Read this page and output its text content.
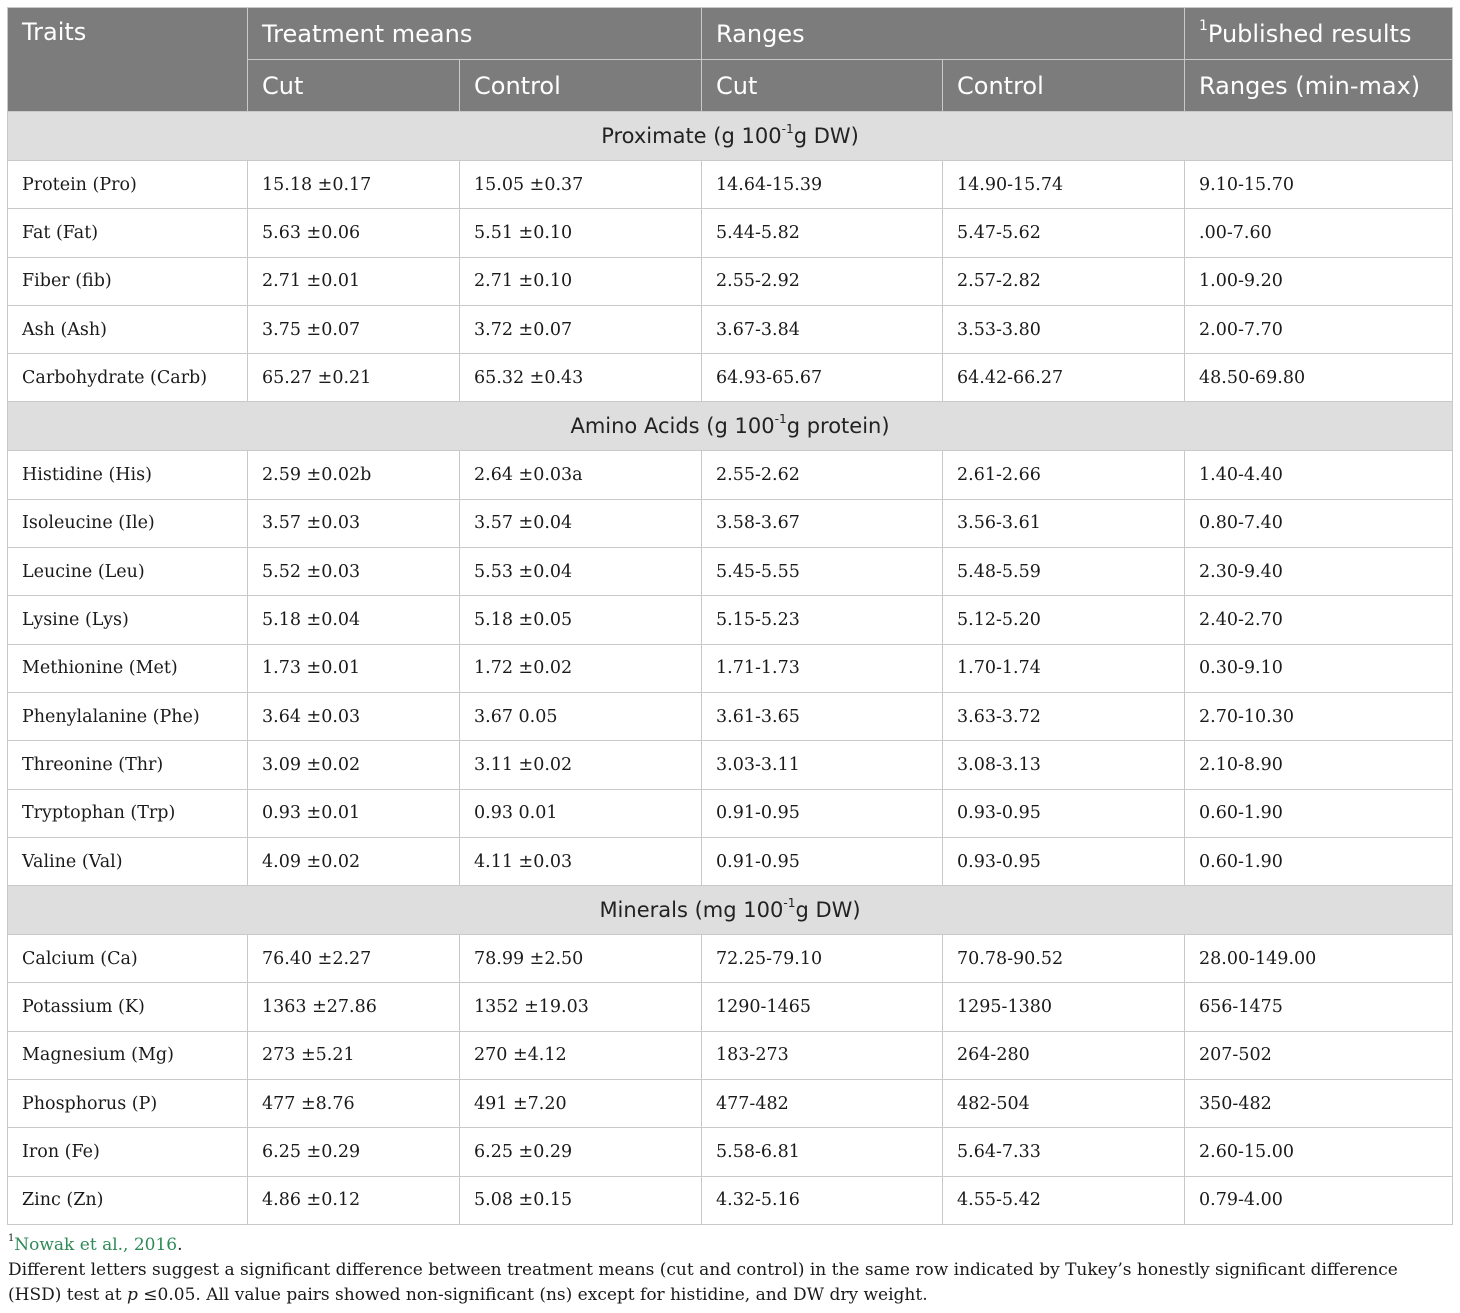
Traits	Treatment means		Ranges		$^1$Published results
	Cut	Control	Cut	Control	Ranges (min-max)
Proximate (g $100^{-1}g$ DW)					
Protein (Pro)	15.18 ±0.17	15.05 ±0.37	14.64-15.39	14.90-15.74	9.10-15.70
Fat (Fat)	5.63 ±0.06	5.51 ±0.10	5.44-5.82	5.47-5.62	.00-7.60
Fiber (fib)	2.71 ±0.01	2.71 ±0.10	2.55-2.92	2.57-2.82	1.00-9.20
Ash (Ash)	3.75 ±0.07	3.72 ±0.07	3.67-3.84	3.53-3.80	2.00-7.70
Carbohydrate (Carb)	65.27 ±0.21	65.32 ±0.43	64.93-65.67	64.42-66.27	48.50-69.80
Amino Acids (g $100^{-1}g$ protein)					
Histidine (His)	2.59 ±0.02b	2.64 ±0.03a	2.55-2.62	2.61-2.66	1.40-4.40
Isoleucine (Ile)	3.57 ±0.03	3.57 ±0.04	3.58-3.67	3.56-3.61	0.80-7.40
Leucine (Leu)	5.52 ±0.03	5.53 ±0.04	5.45-5.55	5.48-5.59	2.30-9.40
Lysine (Lys)	5.18 ±0.04	5.18 ±0.05	5.15-5.23	5.12-5.20	2.40-2.70
Methionine (Met)	1.73 ±0.01	1.72 ±0.02	1.71-1.73	1.70-1.74	0.30-9.10
Phenylalanine (Phe)	3.64 ±0.03	3.67 0.05	3.61-3.65	3.63-3.72	2.70-10.30
Threonine (Thr)	3.09 ±0.02	3.11 ±0.02	3.03-3.11	3.08-3.13	2.10-8.90
Tryptophan (Trp)	0.93 ±0.01	0.93 0.01	0.91-0.95	0.93-0.95	0.60-1.90
Valine (Val)	4.09 ±0.02	4.11 ±0.03	0.91-0.95	0.93-0.95	0.60-1.90
Minerals (mg $100^{-1}g$ DW)					
Calcium (Ca)	76.40 ±2.27	78.99 ±2.50	72.25-79.10	70.78-90.52	28.00-149.00
Potassium (K)	1363 ±27.86	1352 ±19.03	1290-1465	1295-1380	656-1475
Magnesium (Mg)	273 ±5.21	270 ±4.12	183-273	264-280	207-502
Phosphorus (P)	477 ±8.76	491 ±7.20	477-482	482-504	350-482
Iron (Fe)	6.25 ±0.29	6.25 ±0.29	5.58-6.81	5.64-7.33	2.60-15.00
Zinc (Zn)	4.86 ±0.12	5.08 ±0.15	4.32-5.16	4.55-5.42	0.79-4.00

$^1$Nowak et al., 2016.

Different letters suggest a significant difference between treatment means (cut and control) in the same row indicated by Tukey’s honestly significant difference (HSD) test at p ≤0.05. All value pairs showed non-significant (ns) except for histidine, and DW dry weight.
